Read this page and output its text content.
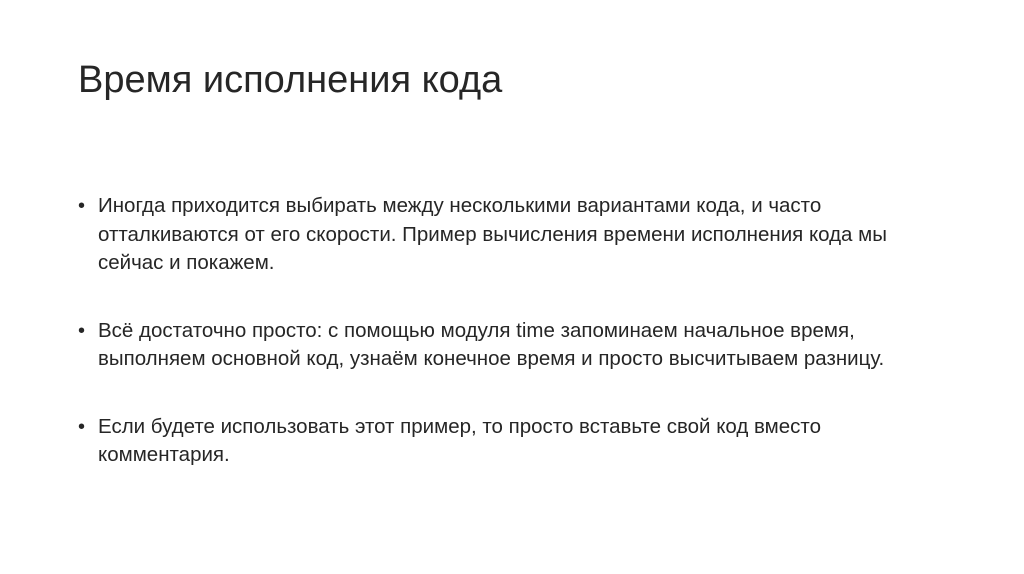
Время исполнения кода
• Иногда приходится выбирать между несколькими вариантами кода, и часто отталкиваются от его скорости. Пример вычисления времени исполнения кода мы сейчас и покажем.
• Всё достаточно просто: с помощью модуля time запоминаем начальное время, выполняем основной код, узнаём конечное время и просто высчитываем разницу.
• Если будете использовать этот пример, то просто вставьте свой код вместо комментария.
